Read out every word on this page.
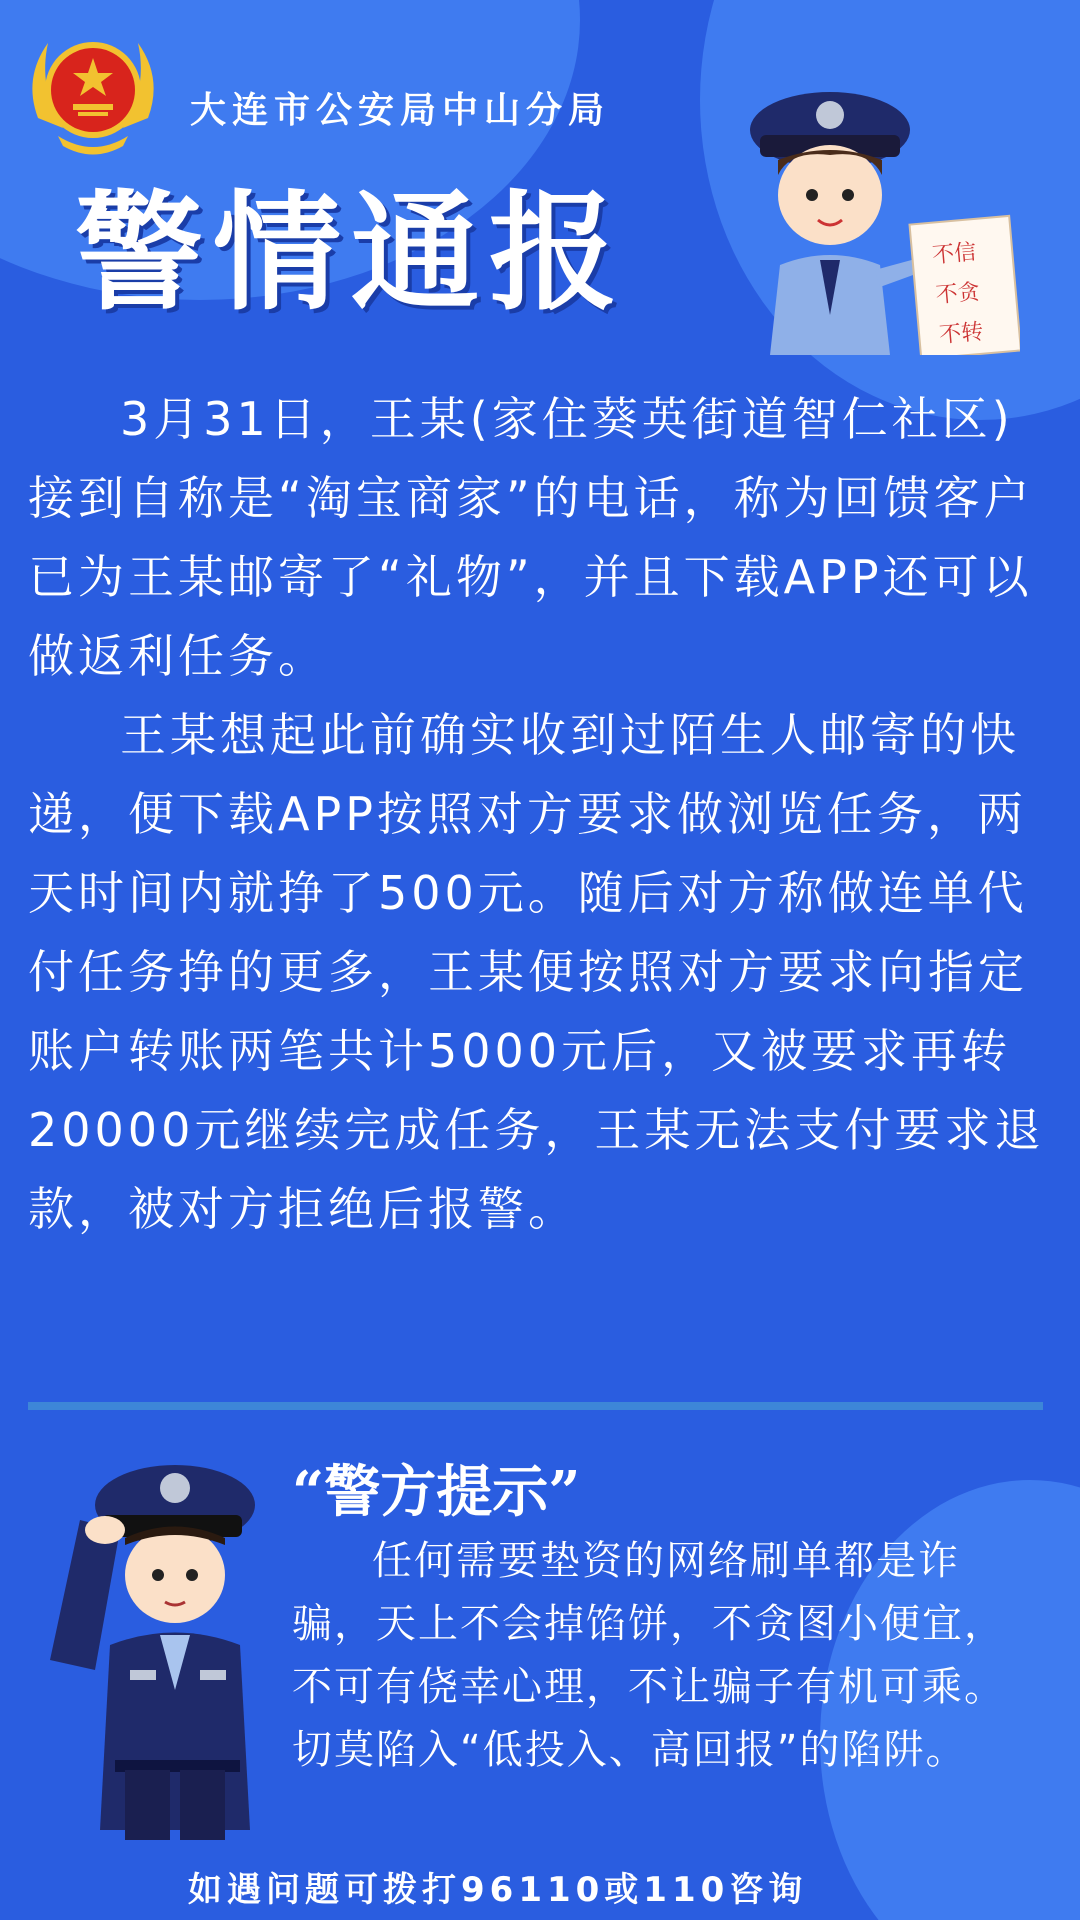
大连市公安局中山分局
警情通报	不信
不贪
不转

3月31日，王某(家住葵英街道智仁社区)接到自称是“淘宝商家”的电话，称为回馈客户已为王某邮寄了“礼物”，并且下载APP还可以做返利任务。

王某想起此前确实收到过陌生人邮寄的快递，便下载APP按照对方要求做浏览任务，两天时间内就挣了500元。随后对方称做连单代付任务挣的更多，王某便按照对方要求向指定账户转账两笔共计5000元后，又被要求再转20000元继续完成任务，王某无法支付要求退款，被对方拒绝后报警。

“警方提示”

任何需要垫资的网络刷单都是诈骗，天上不会掉馅饼，不贪图小便宜，不可有侥幸心理，不让骗子有机可乘。切莫陷入“低投入、高回报”的陷阱。

如遇问题可拨打96110或110咨询
